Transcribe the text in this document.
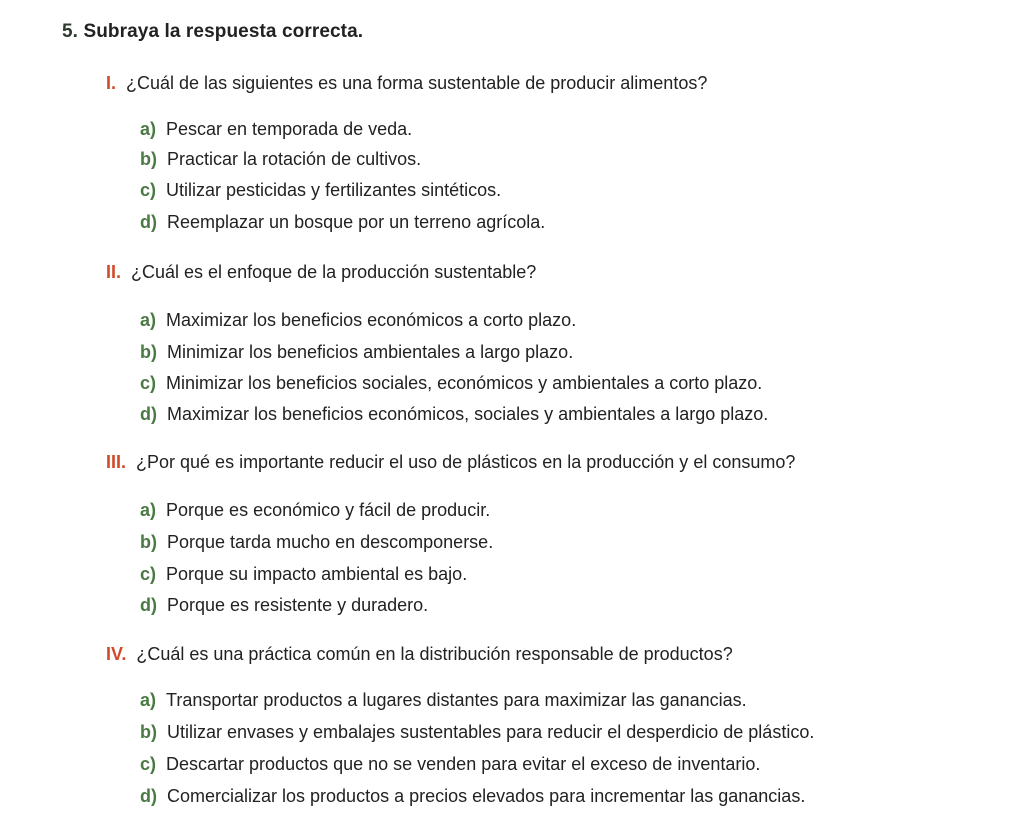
5. Subraya la respuesta correcta.
I. ¿Cuál de las siguientes es una forma sustentable de producir alimentos?
a) Pescar en temporada de veda.
b) Practicar la rotación de cultivos.
c) Utilizar pesticidas y fertilizantes sintéticos.
d) Reemplazar un bosque por un terreno agrícola.
II. ¿Cuál es el enfoque de la producción sustentable?
a) Maximizar los beneficios económicos a corto plazo.
b) Minimizar los beneficios ambientales a largo plazo.
c) Minimizar los beneficios sociales, económicos y ambientales a corto plazo.
d) Maximizar los beneficios económicos, sociales y ambientales a largo plazo.
III. ¿Por qué es importante reducir el uso de plásticos en la producción y el consumo?
a) Porque es económico y fácil de producir.
b) Porque tarda mucho en descomponerse.
c) Porque su impacto ambiental es bajo.
d) Porque es resistente y duradero.
IV. ¿Cuál es una práctica común en la distribución responsable de productos?
a) Transportar productos a lugares distantes para maximizar las ganancias.
b) Utilizar envases y embalajes sustentables para reducir el desperdicio de plástico.
c) Descartar productos que no se venden para evitar el exceso de inventario.
d) Comercializar los productos a precios elevados para incrementar las ganancias.
